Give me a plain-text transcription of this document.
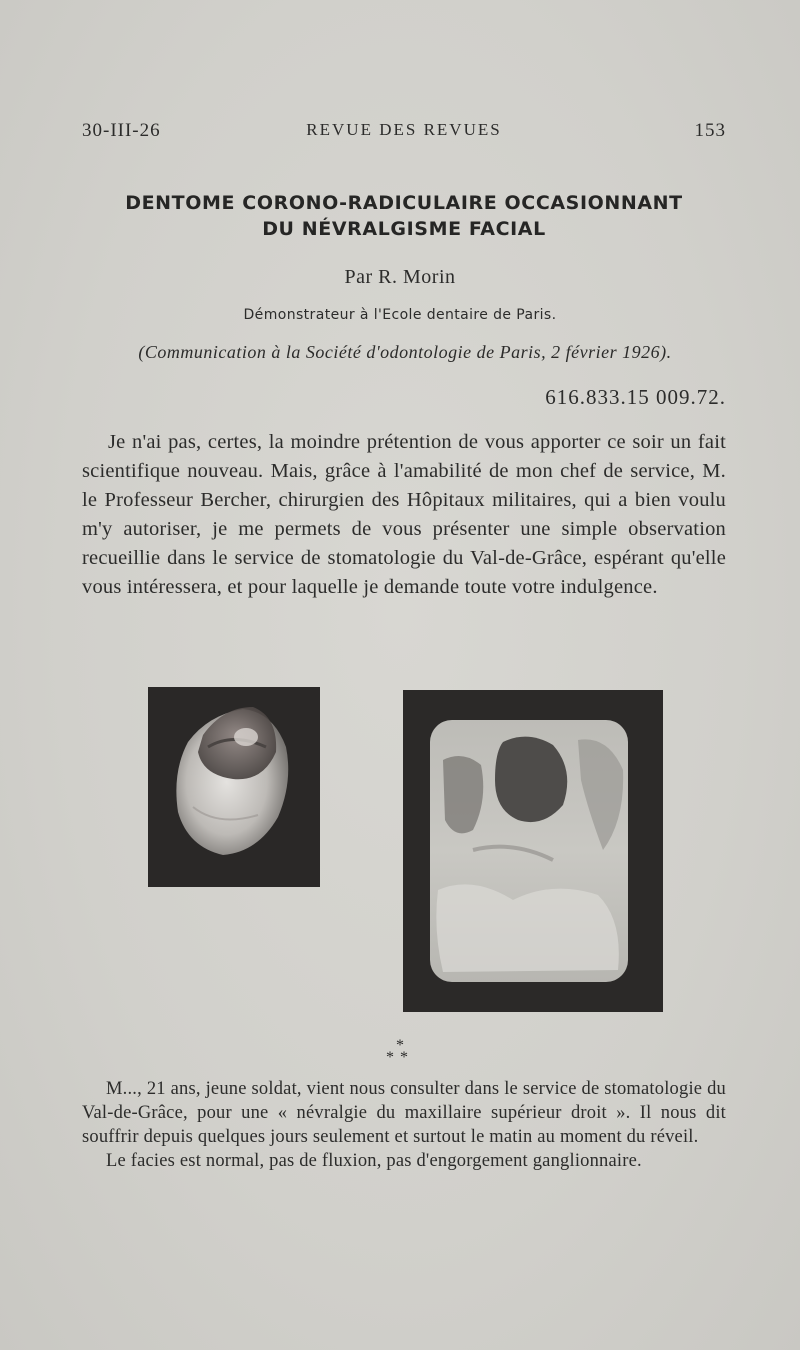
30-III-26	REVUE DES REVUES	153
DENTOME CORONO-RADICULAIRE OCCASIONNANT
DU NÉVRALGISME FACIAL
Par R. Morin
Démonstrateur à l'Ecole dentaire de Paris.
(Communication à la Société d'odontologie de Paris, 2 février 1926).
616.833.15 009.72.
Je n'ai pas, certes, la moindre prétention de vous apporter ce soir un fait scientifique nouveau. Mais, grâce à l'amabilité de mon chef de service, M. le Professeur Bercher, chirurgien des Hôpitaux militaires, qui a bien voulu m'y autoriser, je me permets de vous présenter une simple observation recueillie dans le service de stomatologie du Val-de-Grâce, espérant qu'elle vous intéressera, et pour laquelle je demande toute votre indulgence.
*
**

M..., 21 ans, jeune soldat, vient nous consulter dans le service de stomatologie du Val-de-Grâce, pour une « névralgie du maxillaire supérieur droit ». Il nous dit souffrir depuis quelques jours seulement et surtout le matin au moment du réveil.

Le facies est normal, pas de fluxion, pas d'engorgement ganglionnaire.
